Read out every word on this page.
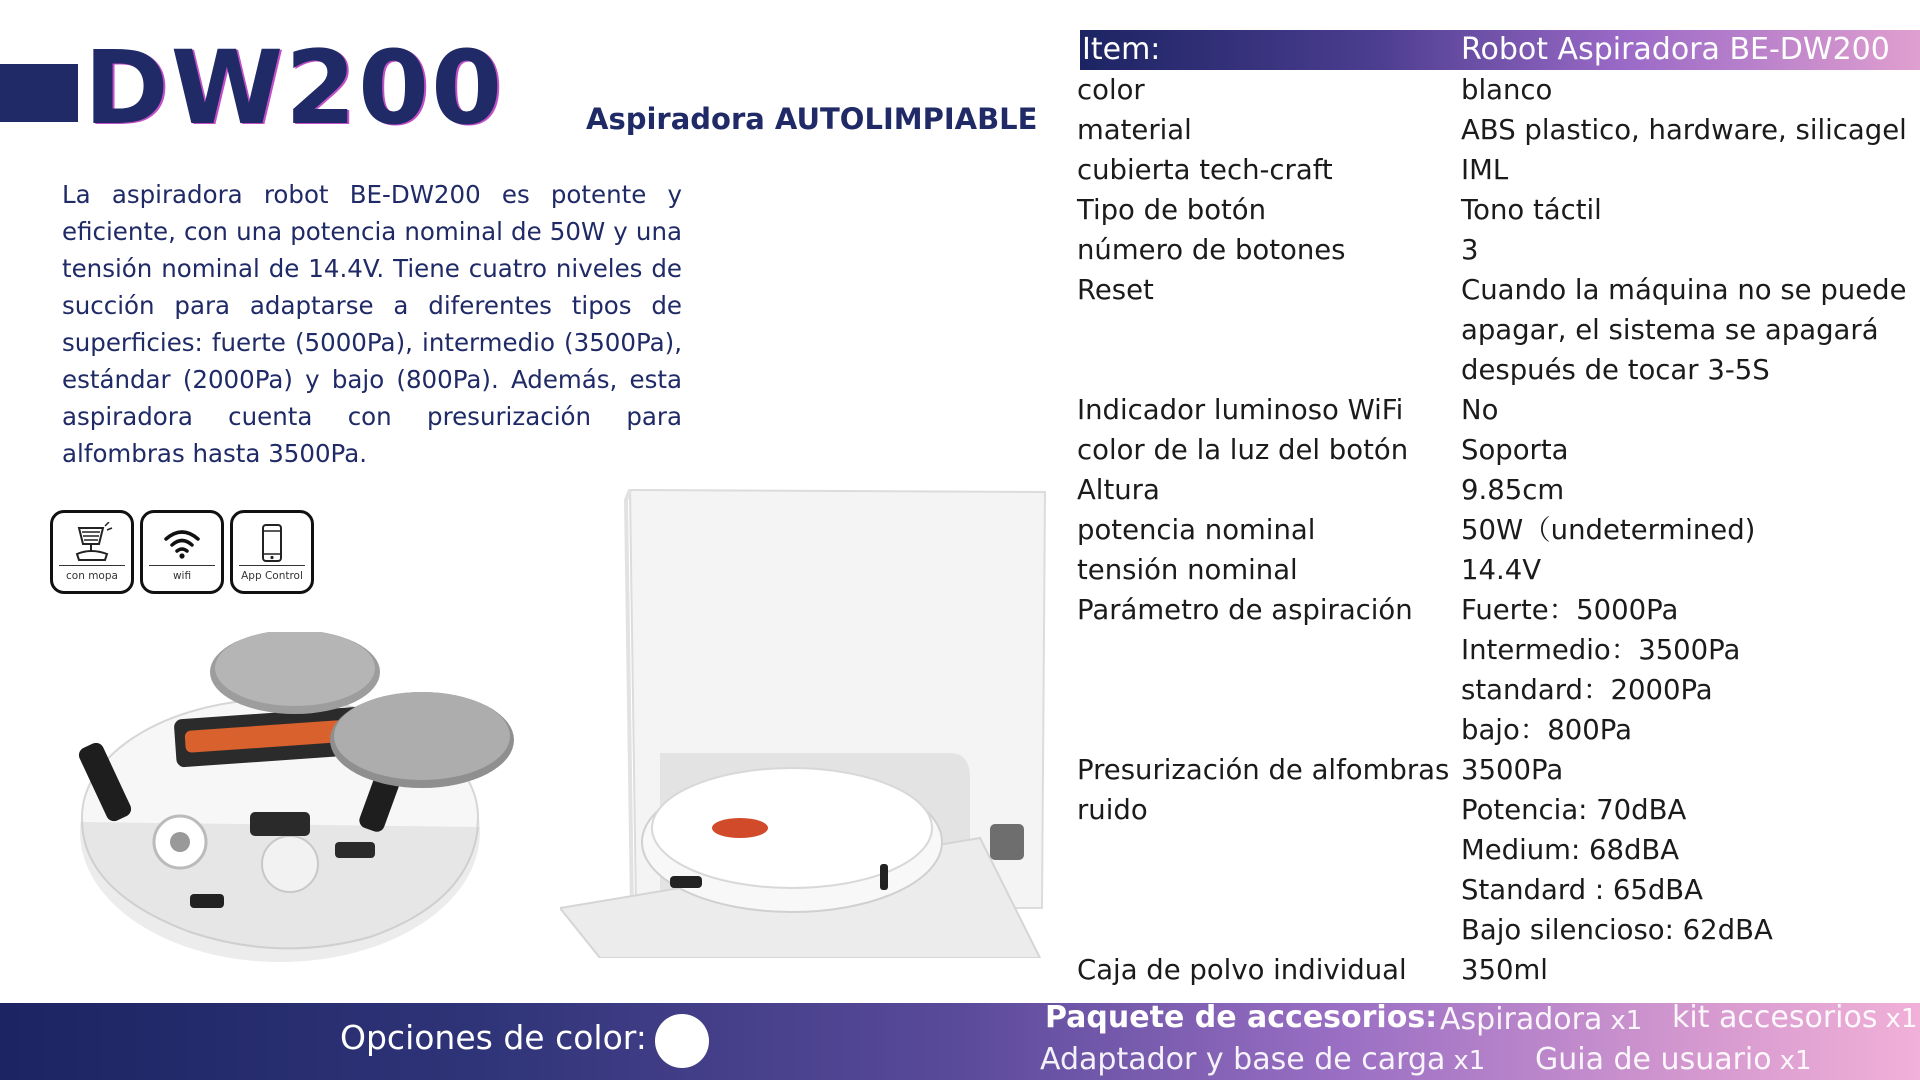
DW200	Aspiradora AUTOLIMPIABLE

La aspiradora robot BE-DW200 es potente y eficiente, con una potencia nominal de 50W y una tensión nominal de 14.4V. Tiene cuatro niveles de succión para adaptarse a diferentes tipos de superficies: fuerte (5000Pa), intermedio (3500Pa), estándar (2000Pa) y bajo (800Pa). Además, esta aspiradora cuenta con presurización para alfombras hasta 3500Pa.

con mopa	wifi	App Control
Item:	Robot Aspiradora BE-DW200
color	blanco
material	ABS plastico, hardware, silicagel
cubierta tech-craft	IML
Tipo de botón	Tono táctil
número de botones	3
Reset	Cuando la máquina no se puede
apagar, el sistema se apagará
después de tocar 3-5S
Indicador luminoso WiFi	No
color de la luz del botón	Soporta
Altura	9.85cm
potencia nominal	50W（undetermined)
tensión nominal	14.4V
Parámetro de aspiración	Fuerte：5000Pa
Intermedio：3500Pa
standard：2000Pa
bajo：800Pa
Presurización de alfombras 3500Pa
ruido	Potencia: 70dBA
Medium: 68dBA
Standard : 65dBA
Bajo silencioso: 62dBA
Caja de polvo individual	350ml
Opciones de color:
Paquete de accesorios: Aspiradora x1 kit accesorios x1
Adaptador y base de carga x1 Guia de usuario x1
